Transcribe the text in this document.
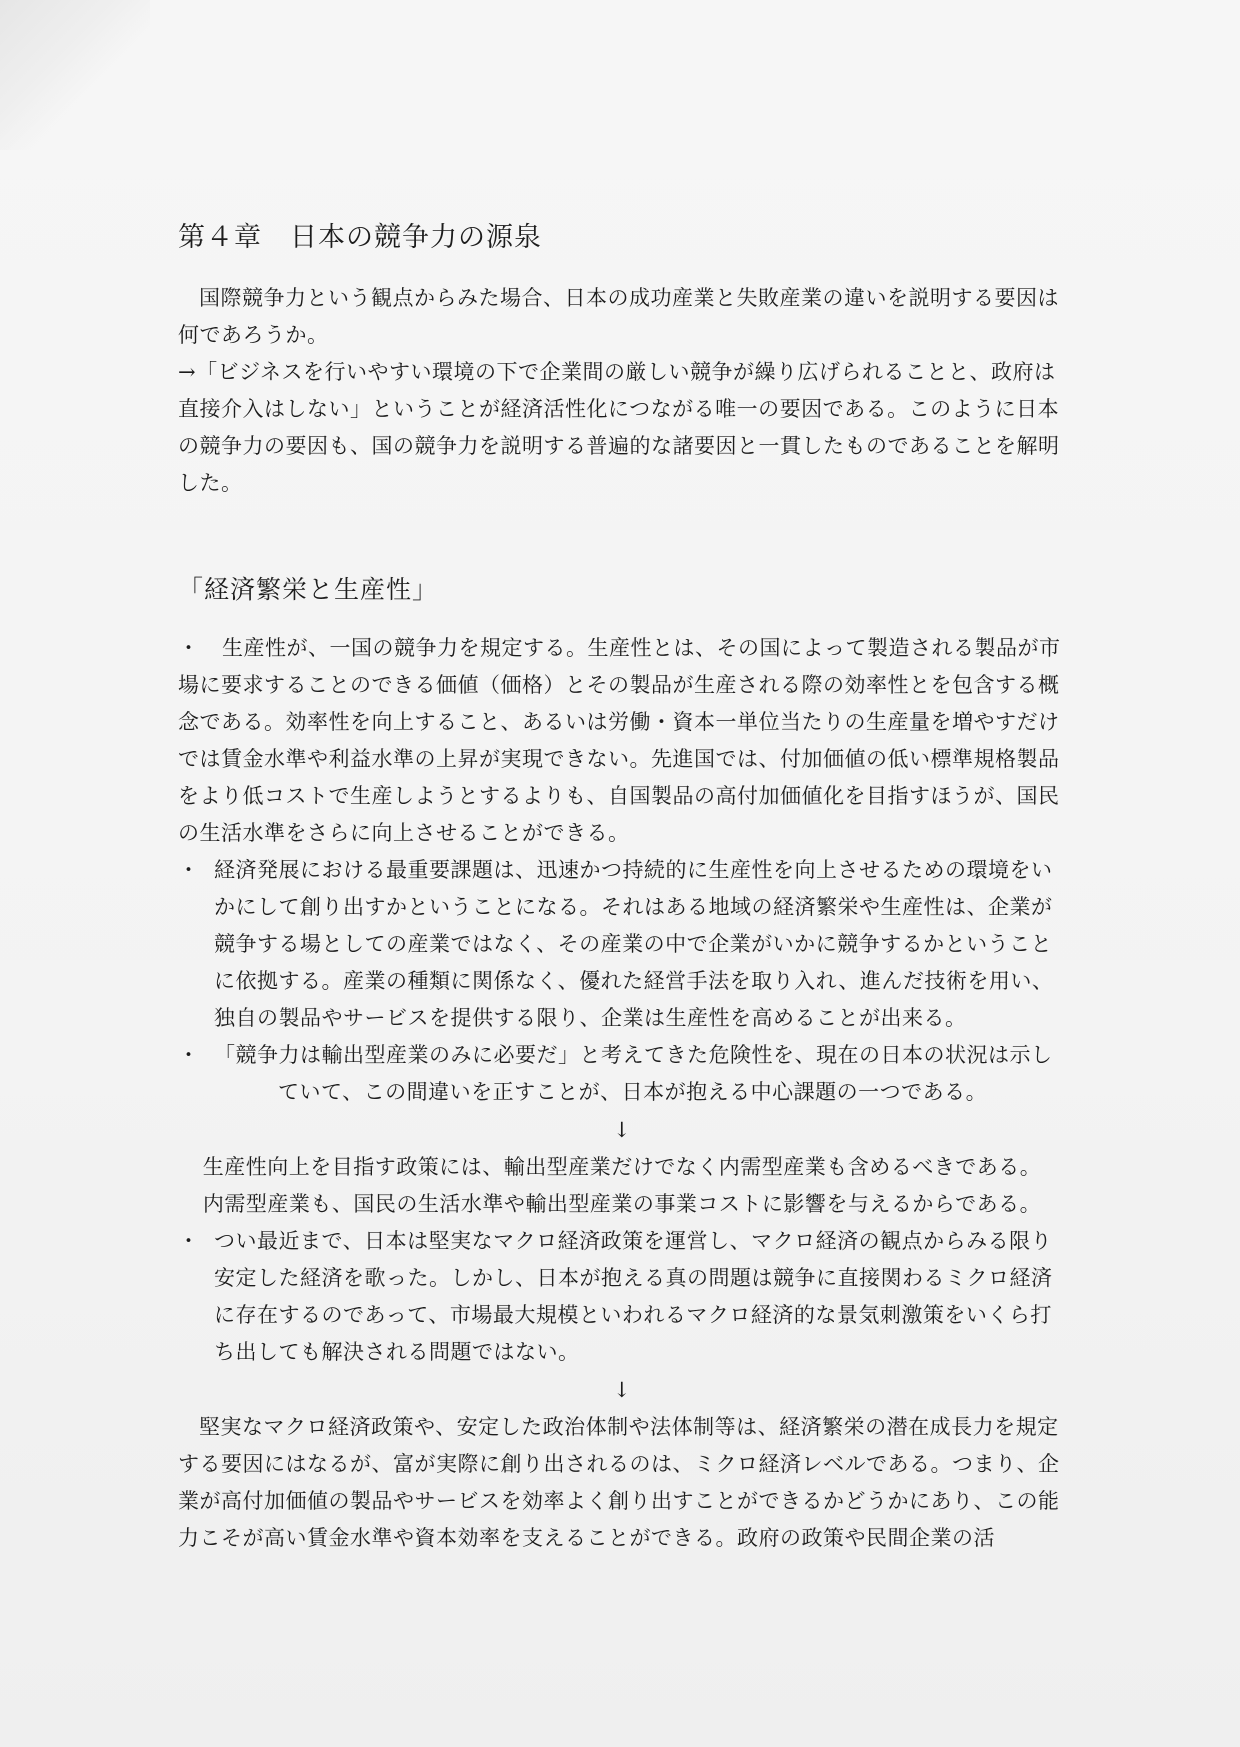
第４章　日本の競争力の源泉

国際競争力という観点からみた場合、日本の成功産業と失敗産業の違いを説明する要因は何であろうか。

→「ビジネスを行いやすい環境の下で企業間の厳しい競争が繰り広げられることと、政府は直接介入はしない」ということが経済活性化につながる唯一の要因である。このように日本の競争力の要因も、国の競争力を説明する普遍的な諸要因と一貫したものであることを解明した。

「経済繁栄と生産性」

・ 生産性が、一国の競争力を規定する。生産性とは、その国によって製造される製品が市場に要求することのできる価値（価格）とその製品が生産される際の効率性とを包含する概念である。効率性を向上すること、あるいは労働・資本一単位当たりの生産量を増やすだけでは賃金水準や利益水準の上昇が実現できない。先進国では、付加価値の低い標準規格製品をより低コストで生産しようとするよりも、自国製品の高付加価値化を目指すほうが、国民の生活水準をさらに向上させることができる。

・ 経済発展における最重要課題は、迅速かつ持続的に生産性を向上させるための環境をいかにして創り出すかということになる。それはある地域の経済繁栄や生産性は、企業が競争する場としての産業ではなく、その産業の中で企業がいかに競争するかということに依拠する。産業の種類に関係なく、優れた経営手法を取り入れ、進んだ技術を用い、独自の製品やサービスを提供する限り、企業は生産性を高めることが出来る。

・ 「競争力は輸出型産業のみに必要だ」と考えてきた危険性を、現在の日本の状況は示し

ていて、この間違いを正すことが、日本が抱える中心課題の一つである。

↓

生産性向上を目指す政策には、輸出型産業だけでなく内需型産業も含めるべきである。

内需型産業も、国民の生活水準や輸出型産業の事業コストに影響を与えるからである。

・ つい最近まで、日本は堅実なマクロ経済政策を運営し、マクロ経済の観点からみる限り安定した経済を歌った。しかし、日本が抱える真の問題は競争に直接関わるミクロ経済に存在するのであって、市場最大規模といわれるマクロ経済的な景気刺激策をいくら打ち出しても解決される問題ではない。

↓

堅実なマクロ経済政策や、安定した政治体制や法体制等は、経済繁栄の潜在成長力を規定する要因にはなるが、富が実際に創り出されるのは、ミクロ経済レベルである。つまり、企業が高付加価値の製品やサービスを効率よく創り出すことができるかどうかにあり、この能力こそが高い賃金水準や資本効率を支えることができる。政府の政策や民間企業の活
